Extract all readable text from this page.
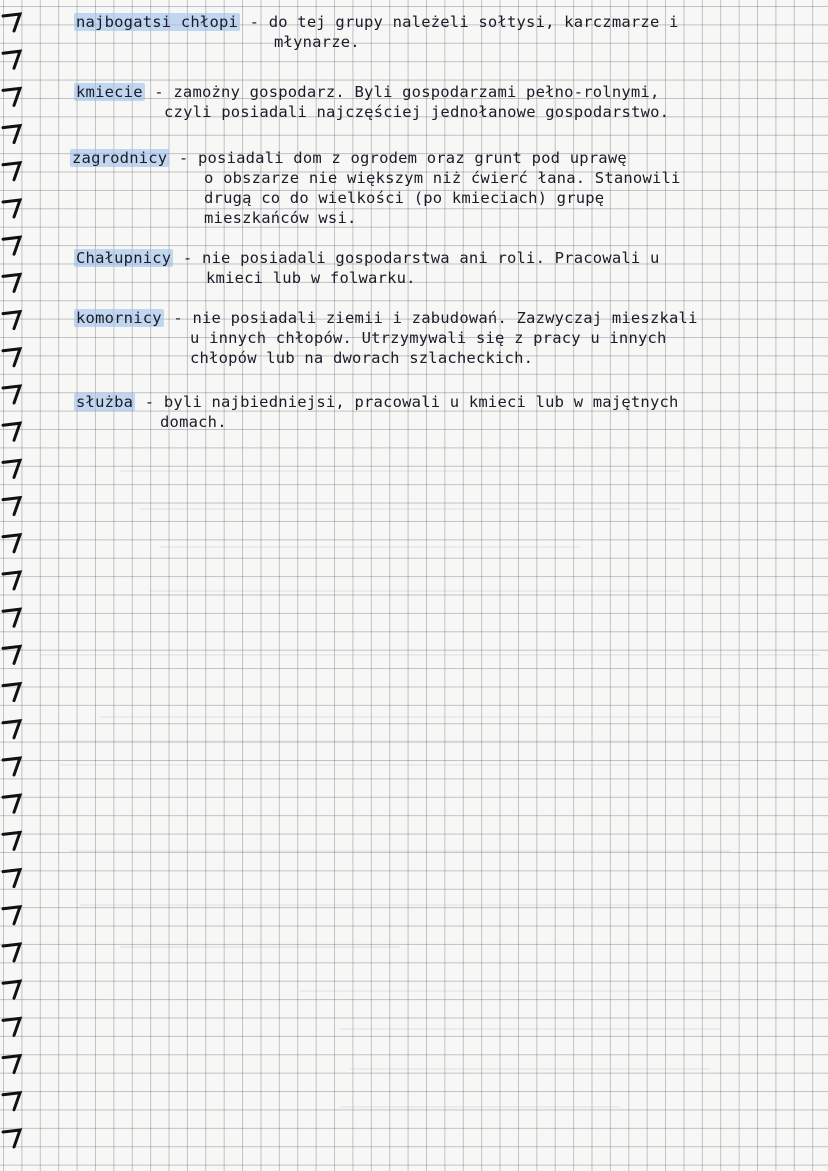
najbogatsi chłopi - do tej grupy należeli sołtysi, karczmarze i
młynarze.
kmiecie - zamożny gospodarz. Byli gospodarzami pełno-rolnymi,
czyli posiadali najczęściej jednołanowe gospodarstwo.
zagrodnicy - posiadali dom z ogrodem oraz grunt pod uprawę
o obszarze nie większym niż ćwierć łana. Stanowili
drugą co do wielkości (po kmieciach) grupę
mieszkańców wsi.
Chałupnicy - nie posiadali gospodarstwa ani roli. Pracowali u
kmieci lub w folwarku.
komornicy - nie posiadali ziemii i zabudowań. Zazwyczaj mieszkali
u innych chłopów. Utrzymywali się z pracy u innych
chłopów lub na dworach szlacheckich.
służba - byli najbiedniejsi, pracowali u kmieci lub w majętnych
domach.
